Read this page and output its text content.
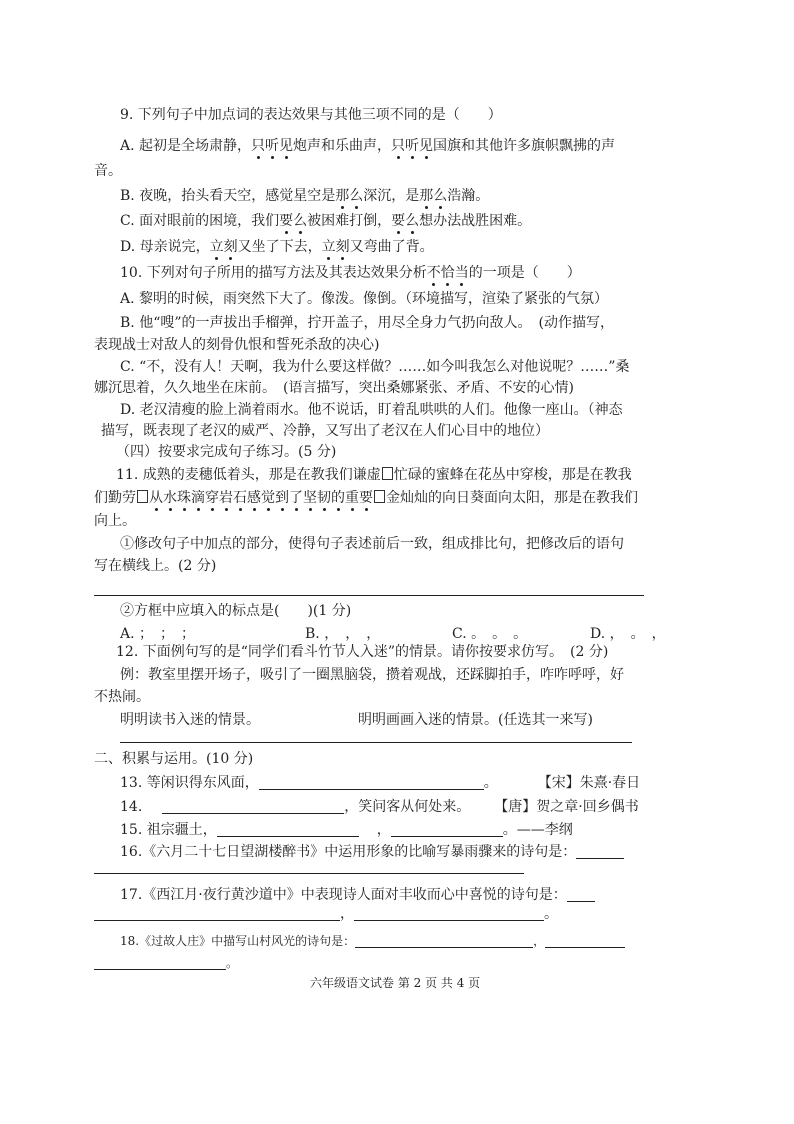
9. 下列句子中加点词的表达效果与其他三项不同的是（　　）
A. 起初是全场肃静，只听见炮声和乐曲声，只听见国旗和其他许多旗帜飘拂的声
音。
B. 夜晚，抬头看天空，感觉星空是那么深沉，是那么浩瀚。
C. 面对眼前的困境，我们要么被困难打倒，要么想办法战胜困难。
D. 母亲说完，立刻又坐了下去，立刻又弯曲了背。
10. 下列对句子所用的描写方法及其表达效果分析不恰当的一项是（　　）
A. 黎明的时候，雨突然下大了。像泼。像倒。（环境描写，渲染了紧张的气氛）
B. 他“嗖”的一声拔出手榴弹，拧开盖子，用尽全身力气扔向敌人。　(动作描写，
表现战士对敌人的刻骨仇恨和誓死杀敌的决心)
C. “不，没有人！天啊，我为什么要这样做？……如今叫我怎么对他说呢？……”桑
娜沉思着，久久地坐在床前。　(语言描写，突出桑娜紧张、矛盾、不安的心情)
D. 老汉清瘦的脸上淌着雨水。他不说话，盯着乱哄哄的人们。他像一座山。（神态
描写，既表现了老汉的威严、冷静，又写出了老汉在人们心目中的地位）
（四）按要求完成句子练习。(5 分)
11. 成熟的麦穗低着头，那是在教我们谦虚 忙碌的蜜蜂在花丛中穿梭，那是在教我
们勤劳 从水珠滴穿岩石感觉到了坚韧的重要 金灿灿的向日葵面向太阳，那是在教我们
向上。
①修改句子中加点的部分，使得句子表述前后一致，组成排比句，把修改后的语句
写在横线上。(2 分)
②方框中应填入的标点是(　　)(1 分)
A. ；　；　；	B. ，　，　，	C. 。　。　。	D. ，　。　，
12. 下面例句写的是“同学们看斗竹节人入迷”的情景。请你按要求仿写。　(2 分)
例：教室里摆开场子，吸引了一圈黑脑袋，攒着观战，还踩脚拍手，咋咋呼呼，好
不热闹。
明明读书入迷的情景。	明明画画入迷的情景。(任选其一来写)
二、积累与运用。(10 分)
13. 等闲识得东风面，	。	【宋】朱熹·春日
14.	，笑问客从何处来。 【唐】贺之章·回乡偶书
15. 祖宗疆土，	，	。——李纲
16.《六月二十七日望湖楼醉书》中运用形象的比喻写暴雨骤来的诗句是：
17.《西江月·夜行黄沙道中》中表现诗人面对丰收而心中喜悦的诗句是：
，	。
18.《过故人庄》中描写山村风光的诗句是：	，
。
六年级语文试卷 第 2 页 共 4 页
